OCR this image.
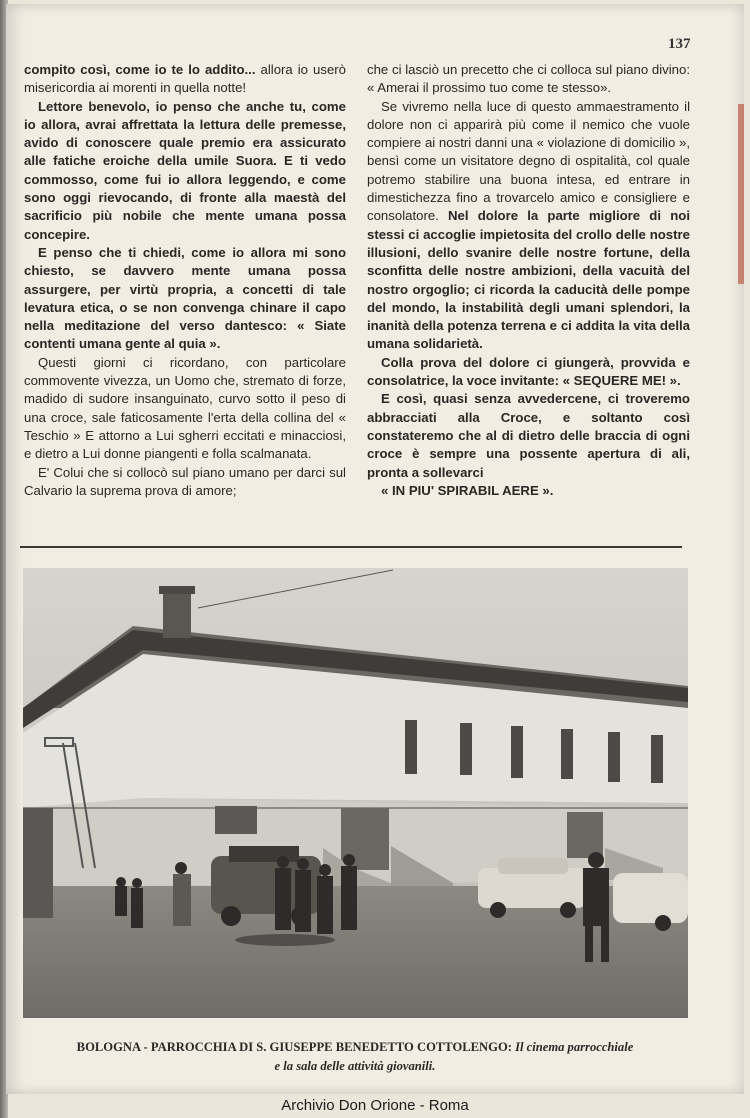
137

compito così, come io te lo addito... allora io userò misericordia ai morenti in quella notte!

Lettore benevolo, io penso che anche tu, come io allora, avrai affrettata la lettura delle premesse, avido di conoscere quale premio era assicurato alle fatiche eroiche della umile Suora. E ti vedo commosso, come fui io allora leggendo, e come sono oggi rievocando, di fronte alla maestà del sacrificio più nobile che mente umana possa concepire.

E penso che ti chiedi, come io allora mi sono chiesto, se davvero mente umana possa assurgere, per virtù propria, a concetti di tale levatura etica, o se non convenga chinare il capo nella meditazione del verso dantesco: « Siate contenti umana gente al quia ».

Questi giorni ci ricordano, con particolare commovente vivezza, un Uomo che, stremato di forze, madido di sudore insanguinato, curvo sotto il peso di una croce, sale faticosamente l'erta della collina del « Teschio » E attorno a Lui sgherri eccitati e minacciosi, e dietro a Lui donne piangenti e folla scalmanata.

E' Colui che si collocò sul piano umano per darci sul Calvario la suprema prova di amore;

che ci lasciò un precetto che ci colloca sul piano divino: « Amerai il prossimo tuo come te stesso».

Se vivremo nella luce di questo ammaestramento il dolore non ci apparirà più come il nemico che vuole compiere ai nostri danni una « violazione di domicilio », bensì come un visitatore degno di ospitalità, col quale potremo stabilire una buona intesa, ed entrare in dimestichezza fino a trovarcelo amico e consigliere e consolatore. Nel dolore la parte migliore di noi stessi ci accoglie impietosita del crollo delle nostre illusioni, dello svanire delle nostre fortune, della sconfitta delle nostre ambizioni, della vacuità del nostro orgoglio; ci ricorda la caducità delle pompe del mondo, la instabilità degli umani splendori, la inanità della potenza terrena e ci addita la vita della umana solidarietà.

Colla prova del dolore ci giungerà, provvida e consolatrice, la voce invitante: « SEQUERE ME! ».

E così, quasi senza avvedercene, ci troveremo abbracciati alla Croce, e soltanto così constateremo che al di dietro delle braccia di ogni croce è sempre una possente apertura di ali, pronta a sollevarci

« IN PIU' SPIRABIL AERE ».

BOLOGNA - PARROCCHIA DI S. GIUSEPPE BENEDETTO COTTOLENGO: Il cinema parrocchiale
e la sala delle attività giovanili.
Archivio Don Orione - Roma
